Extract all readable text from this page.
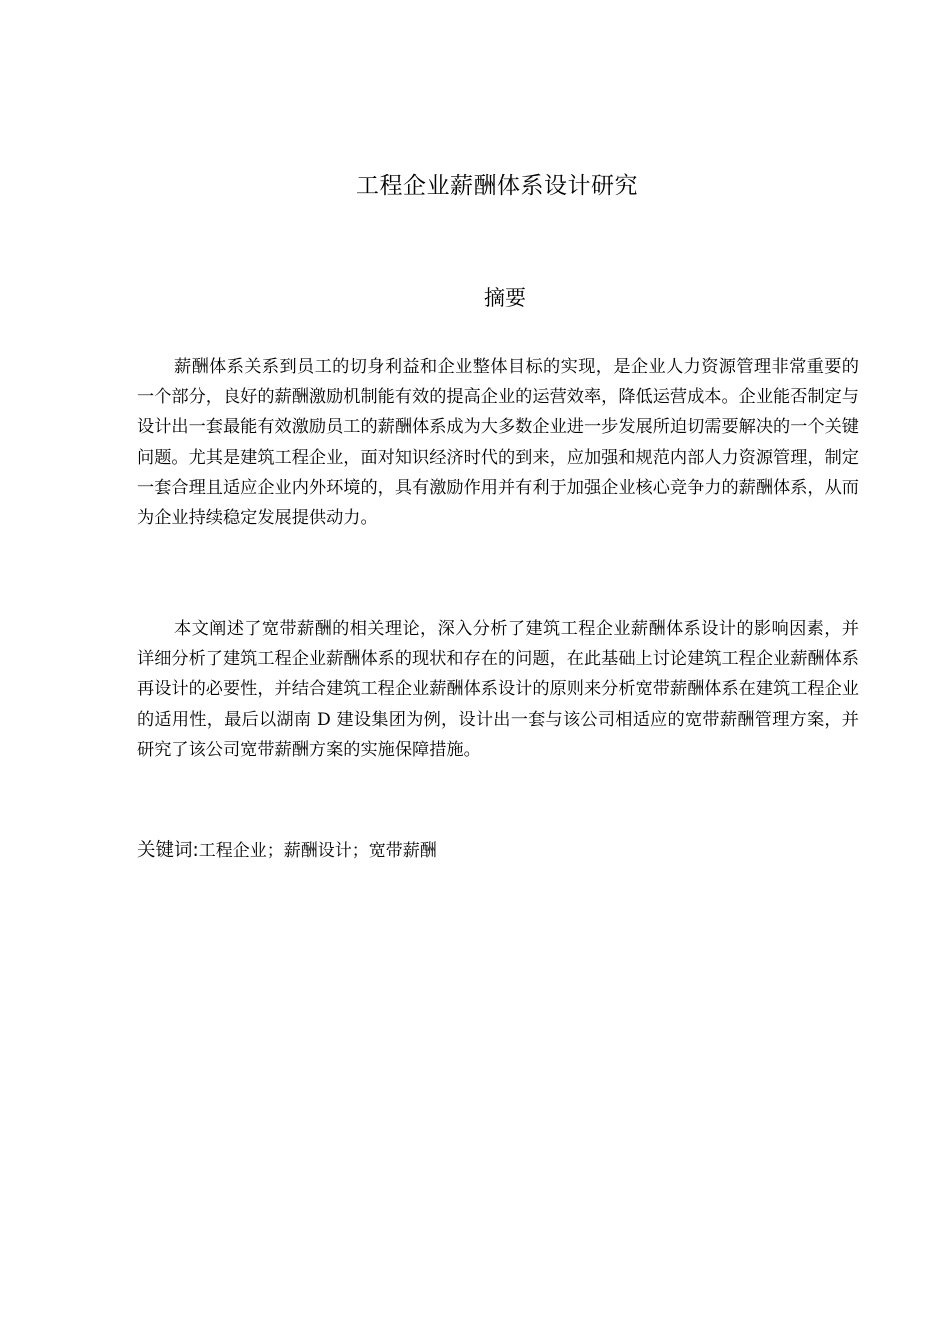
工程企业薪酬体系设计研究
摘要

薪酬体系关系到员工的切身利益和企业整体目标的实现，是企业人力资源管理非常重要的一个部分，良好的薪酬激励机制能有效的提高企业的运营效率，降低运营成本。企业能否制定与设计出一套最能有效激励员工的薪酬体系成为大多数企业进一步发展所迫切需要解决的一个关键问题。尤其是建筑工程企业，面对知识经济时代的到来，应加强和规范内部人力资源管理，制定一套合理且适应企业内外环境的，具有激励作用并有利于加强企业核心竞争力的薪酬体系，从而为企业持续稳定发展提供动力。

本文阐述了宽带薪酬的相关理论，深入分析了建筑工程企业薪酬体系设计的影响因素，并详细分析了建筑工程企业薪酬体系的现状和存在的问题，在此基础上讨论建筑工程企业薪酬体系再设计的必要性，并结合建筑工程企业薪酬体系设计的原则来分析宽带薪酬体系在建筑工程企业的适用性，最后以湖南 D 建设集团为例，设计出一套与该公司相适应的宽带薪酬管理方案，并研究了该公司宽带薪酬方案的实施保障措施。

关键词:工程企业；薪酬设计；宽带薪酬
